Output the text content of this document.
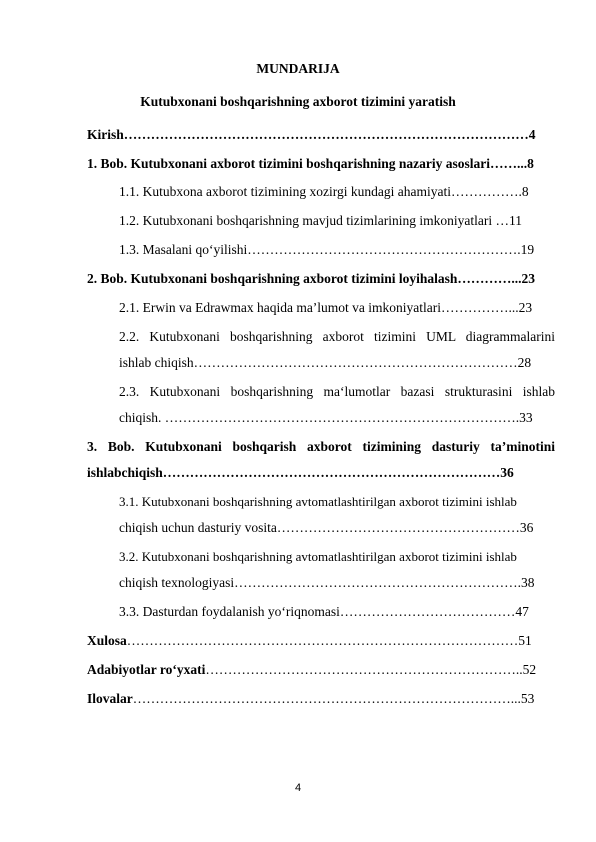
MUNDARIJA
Kutubxonani boshqarishning axborot tizimini yaratish
Kirish………………………………………………………………………………4
1. Bob. Kutubxonani axborot tizimini boshqarishning nazariy asoslari……...8
1.1. Kutubxona axborot tizimining xozirgi kundagi ahamiyati…………….8
1.2. Kutubxonani boshqarishning mavjud tizimlarining imkoniyatlari …11
1.3. Masalani qo‘yilishi…………………………………………………….19
2. Bob. Kutubxonani boshqarishning axborot tizimini loyihalash…………...23
2.1. Erwin va Edrawmax haqida ma’lumot va imkoniyatlari……………...23
2.2. Kutubxonani boshqarishning axborot tizimini UML diagrammalarini
ishlab chiqish………………………………………………………………28
2.3. Kutubxonani boshqarishning ma‘lumotlar bazasi strukturasini ishlab
chiqish. …………………………………………………………………….33
3. Bob. Kutubxonani boshqarish axborot tizimining dasturiy ta’minotini
ishlabchiqish…………………………………………………………………36
3.1. Kutubxonani boshqarishning avtomatlashtirilgan axborot tizimini ishlab
chiqish uchun dasturiy vosita………………………………………………36
3.2. Kutubxonani boshqarishning avtomatlashtirilgan axborot tizimini ishlab
chiqish texnologiyasi……………………………………………………….38
3.3. Dasturdan foydalanish yo‘riqnomasi…………………………………47
Xulosa……………………………………………………………………………51
Adabiyotlar ro‘yxati……………………………………………………………..52
Ilovalar…………………………………………………………………………...53
4
